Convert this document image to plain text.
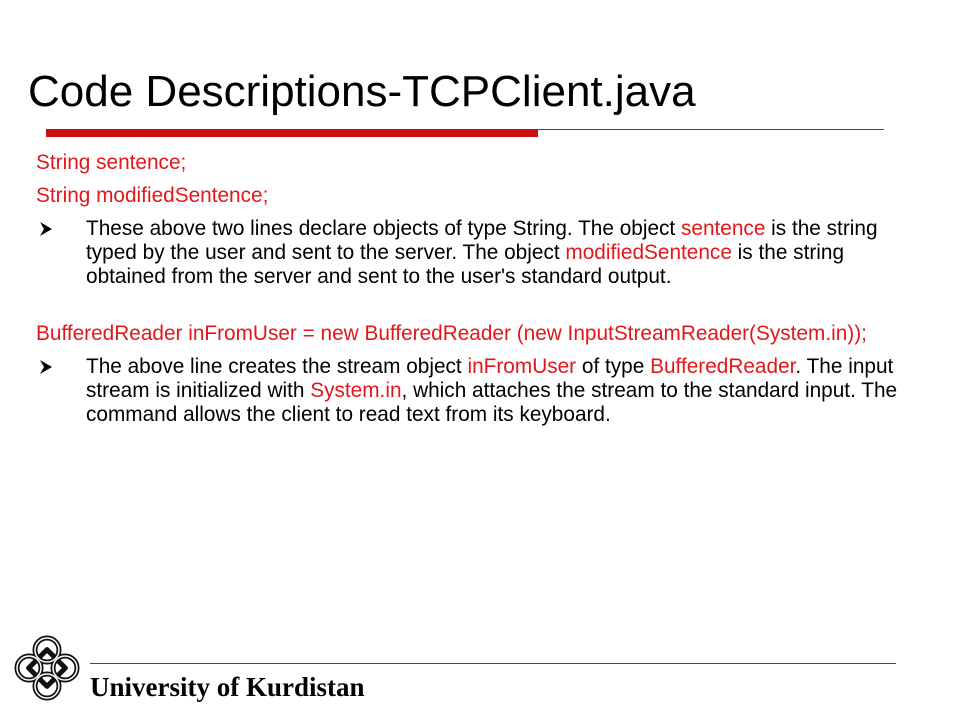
Code Descriptions-TCPClient.java

String sentence;

String modifiedSentence;

These above two lines declare objects of type String. The object sentence is the string typed by the user and sent to the server. The object modifiedSentence is the string obtained from the server and sent to the user's standard output.

BufferedReader inFromUser = new BufferedReader (new InputStreamReader(System.in));

The above line creates the stream object inFromUser of type BufferedReader. The input stream is initialized with System.in, which attaches the stream to the standard input. The command allows the client to read text from its keyboard.

University of Kurdistan
